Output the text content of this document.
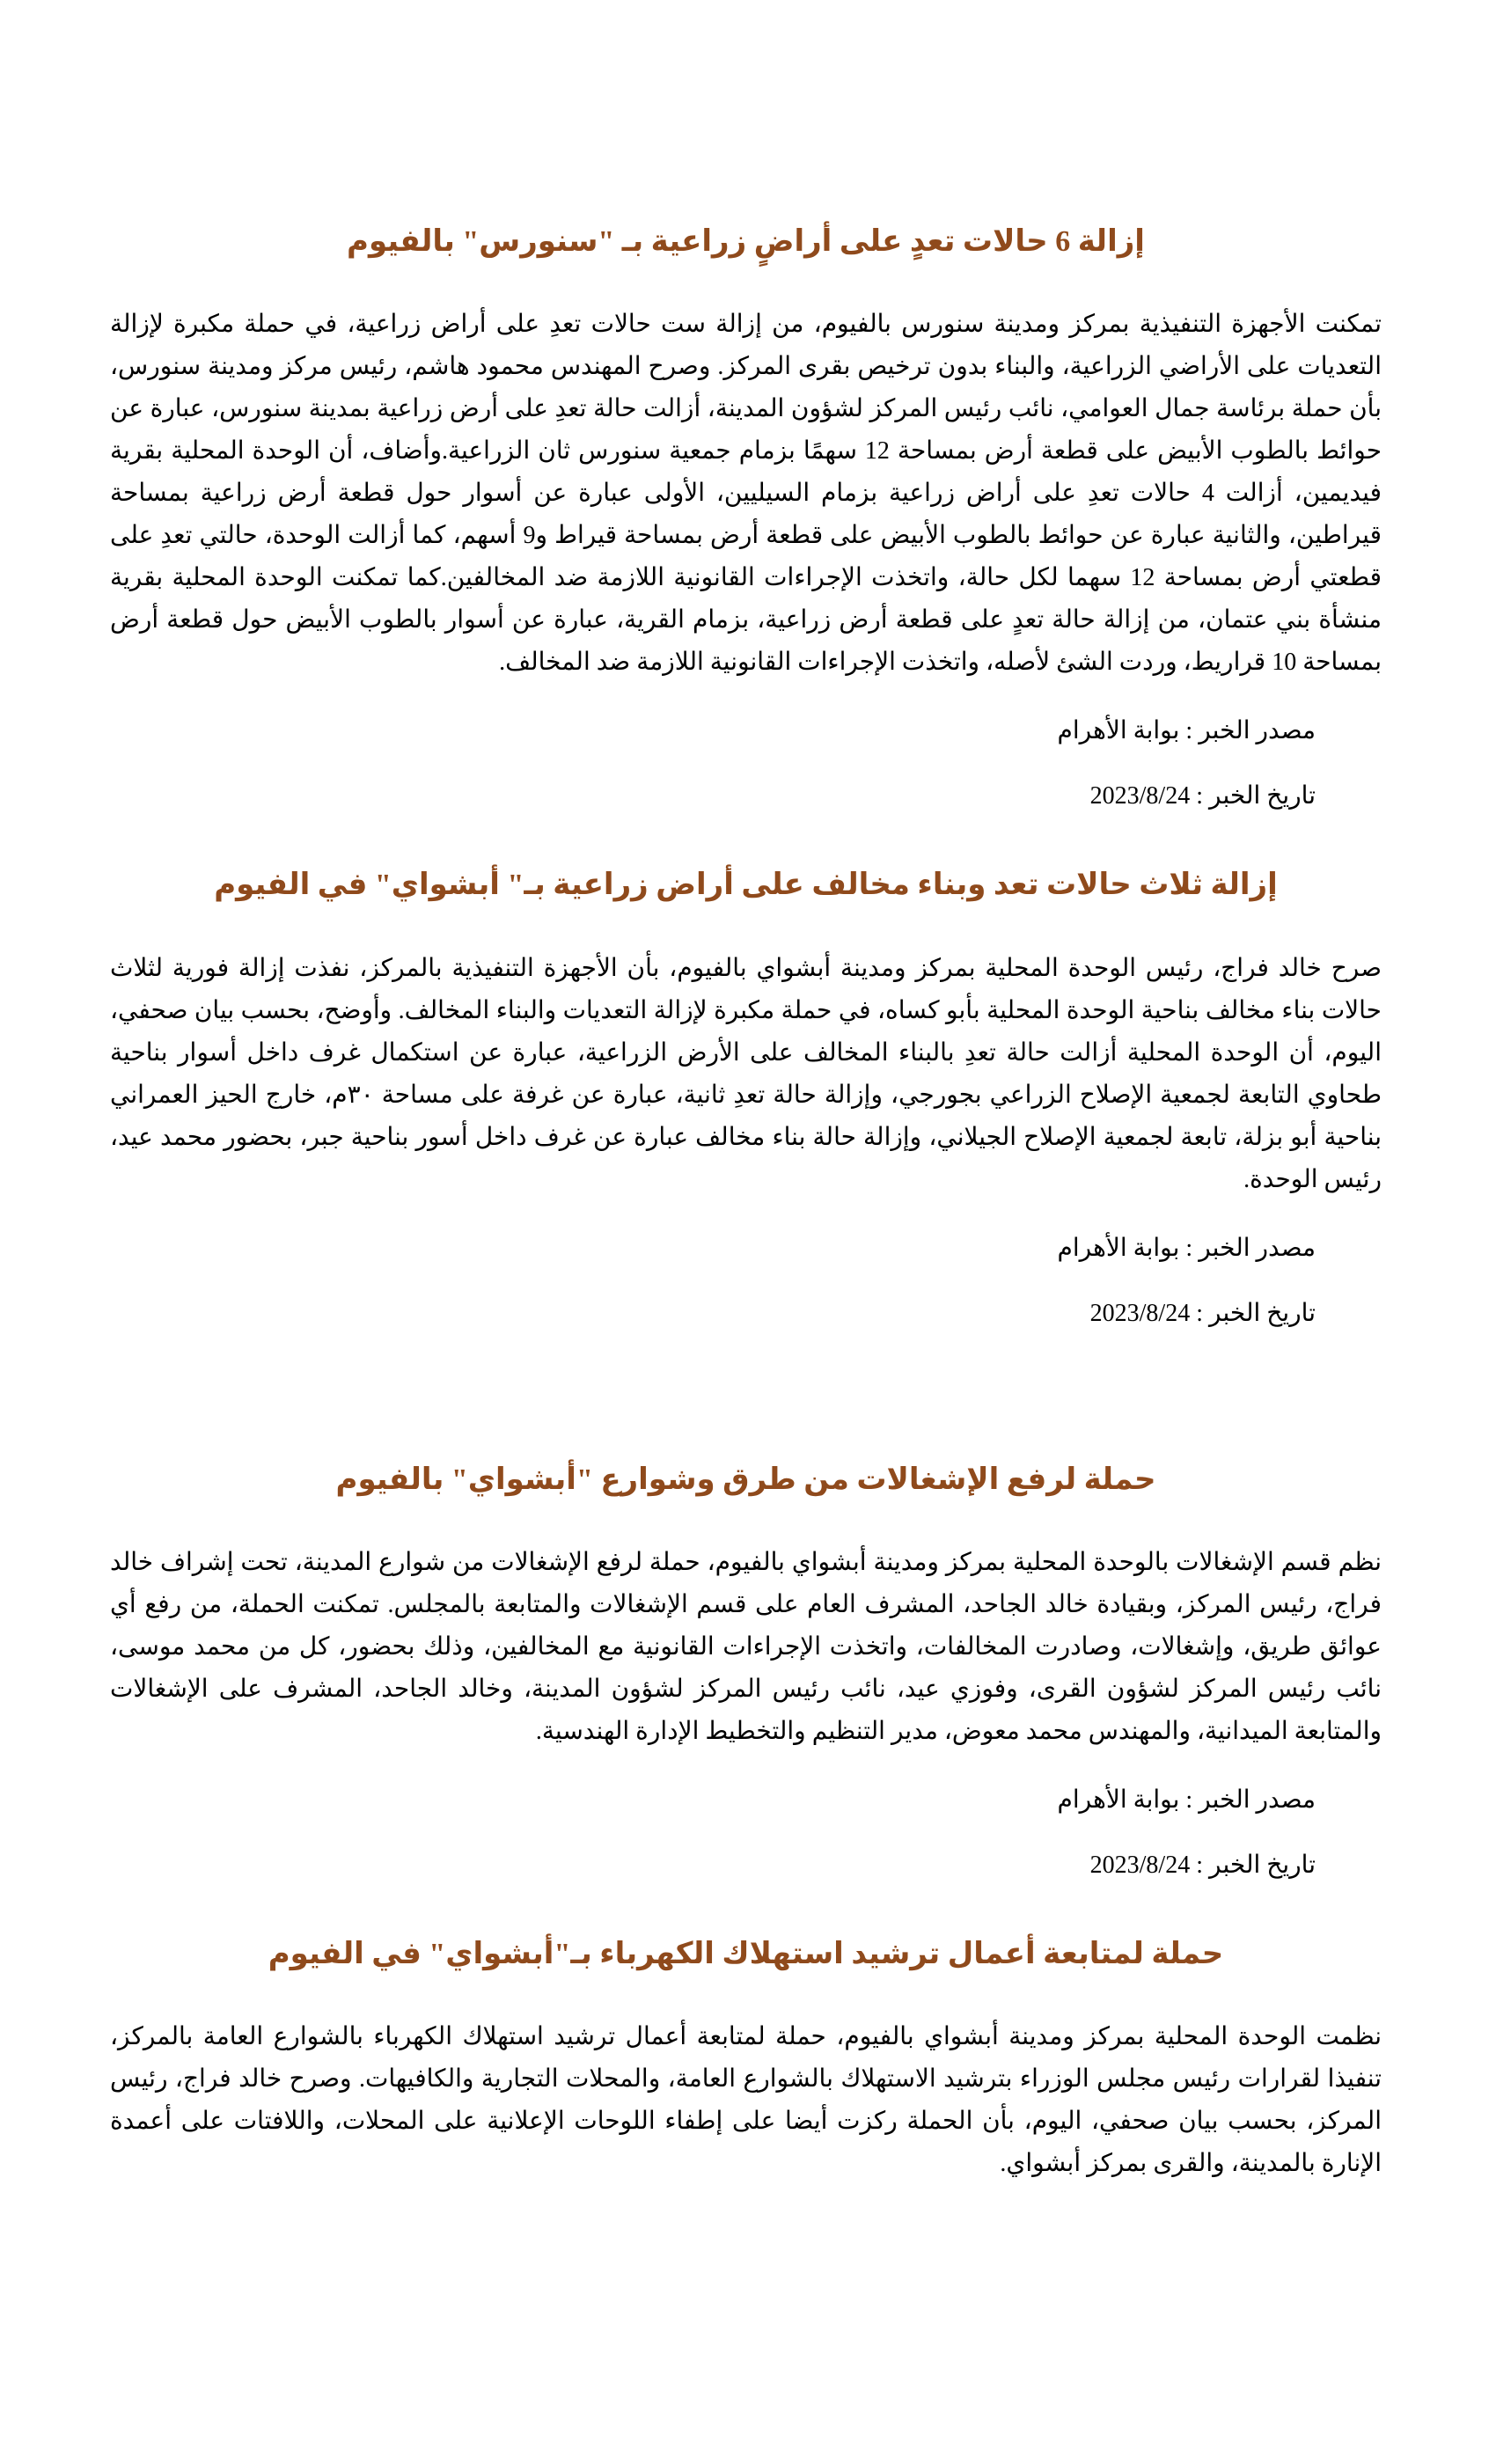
إزالة 6 حالات تعدٍ على أراضٍ زراعية بـ "سنورس" بالفيوم

تمكنت الأجهزة التنفيذية بمركز ومدينة سنورس بالفيوم، من إزالة ست حالات تعدِ على أراض زراعية، في حملة مكبرة لإزالة التعديات على الأراضي الزراعية، والبناء بدون ترخيص بقرى المركز. وصرح المهندس محمود هاشم، رئيس مركز ومدينة سنورس، بأن حملة برئاسة جمال العوامي، نائب رئيس المركز لشؤون المدينة، أزالت حالة تعدِ على أرض زراعية بمدينة سنورس، عبارة عن حوائط بالطوب الأبيض على قطعة أرض بمساحة 12 سهمًا بزمام جمعية سنورس ثان الزراعية.وأضاف، أن الوحدة المحلية بقرية فيديمين، أزالت 4 حالات تعدِ على أراض زراعية بزمام السيليين، الأولى عبارة عن أسوار حول قطعة أرض زراعية بمساحة قيراطين، والثانية عبارة عن حوائط بالطوب الأبيض على قطعة أرض بمساحة قيراط و9 أسهم، كما أزالت الوحدة، حالتي تعدِ على قطعتي أرض بمساحة 12 سهما لكل حالة، واتخذت الإجراءات القانونية اللازمة ضد المخالفين.كما تمكنت الوحدة المحلية بقرية منشأة بني عتمان، من إزالة حالة تعدٍ على قطعة أرض زراعية، بزمام القرية، عبارة عن أسوار بالطوب الأبيض حول قطعة أرض بمساحة 10 قراريط، وردت الشئ لأصله، واتخذت الإجراءات القانونية اللازمة ضد المخالف.

مصدر الخبر : بوابة الأهرام

تاريخ الخبر : 2023/8/24

إزالة ثلاث حالات تعد وبناء مخالف على أراض زراعية بـ" أبشواي" في الفيوم

صرح خالد فراج، رئيس الوحدة المحلية بمركز ومدينة أبشواي بالفيوم، بأن الأجهزة التنفيذية بالمركز، نفذت إزالة فورية لثلاث حالات بناء مخالف بناحية الوحدة المحلية بأبو كساه، في حملة مكبرة لإزالة التعديات والبناء المخالف. وأوضح، بحسب بيان صحفي، اليوم، أن الوحدة المحلية أزالت حالة تعدِ بالبناء المخالف على الأرض الزراعية، عبارة عن استكمال غرف داخل أسوار بناحية طحاوي التابعة لجمعية الإصلاح الزراعي بجورجي، وإزالة حالة تعدِ ثانية، عبارة عن غرفة على مساحة ٣٠م، خارج الحيز العمراني بناحية أبو بزلة، تابعة لجمعية الإصلاح الجيلاني، وإزالة حالة بناء مخالف عبارة عن غرف داخل أسور بناحية جبر، بحضور محمد عيد، رئيس الوحدة.

مصدر الخبر : بوابة الأهرام

تاريخ الخبر : 2023/8/24

حملة لرفع الإشغالات من طرق وشوارع "أبشواي" بالفيوم

نظم قسم الإشغالات بالوحدة المحلية بمركز ومدينة أبشواي بالفيوم، حملة لرفع الإشغالات من شوارع المدينة، تحت إشراف خالد فراج، رئيس المركز، وبقيادة خالد الجاحد، المشرف العام على قسم الإشغالات والمتابعة بالمجلس. تمكنت الحملة، من رفع أي عوائق طريق، وإشغالات، وصادرت المخالفات، واتخذت الإجراءات القانونية مع المخالفين، وذلك بحضور، كل من محمد موسى، نائب رئيس المركز لشؤون القرى، وفوزي عيد، نائب رئيس المركز لشؤون المدينة، وخالد الجاحد، المشرف على الإشغالات والمتابعة الميدانية، والمهندس محمد معوض، مدير التنظيم والتخطيط الإدارة الهندسية.

مصدر الخبر : بوابة الأهرام

تاريخ الخبر : 2023/8/24

حملة لمتابعة أعمال ترشيد استهلاك الكهرباء بـ"أبشواي" في الفيوم

نظمت الوحدة المحلية بمركز ومدينة أبشواي بالفيوم، حملة لمتابعة أعمال ترشيد استهلاك الكهرباء بالشوارع العامة بالمركز، تنفيذا لقرارات رئيس مجلس الوزراء بترشيد الاستهلاك بالشوارع العامة، والمحلات التجارية والكافيهات. وصرح خالد فراج، رئيس المركز، بحسب بيان صحفي، اليوم، بأن الحملة ركزت أيضا على إطفاء اللوحات الإعلانية على المحلات، واللافتات على أعمدة الإنارة بالمدينة، والقرى بمركز أبشواي.
